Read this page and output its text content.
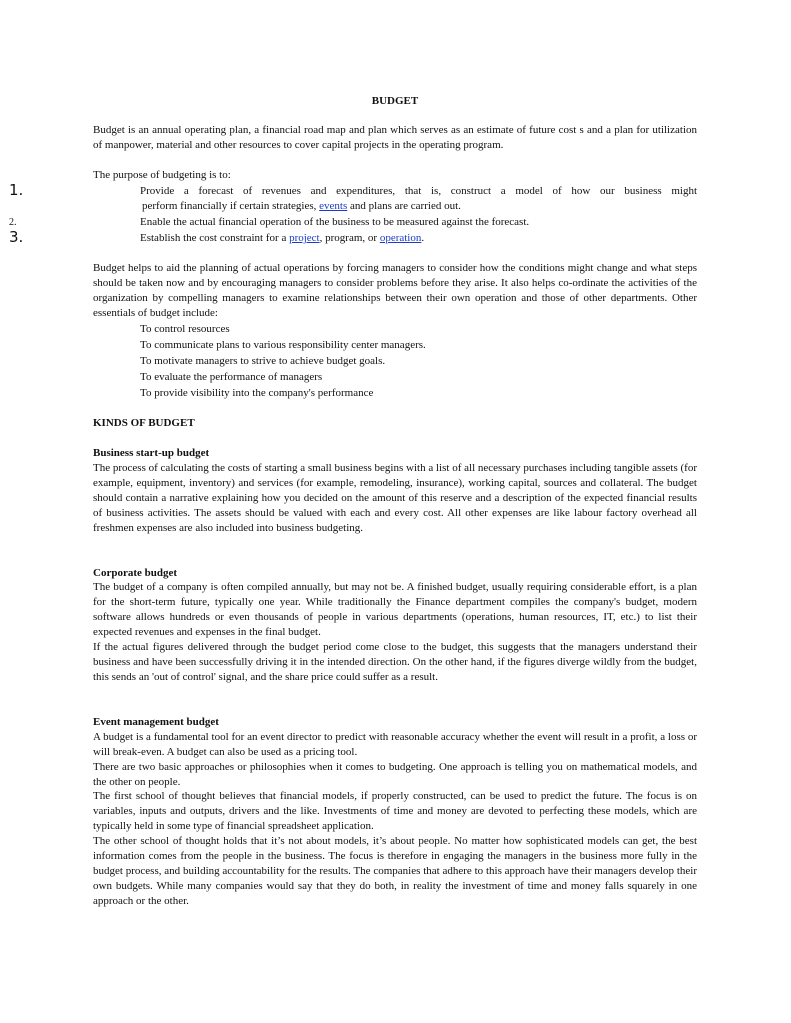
BUDGET

Budget is an annual operating plan, a financial road map and plan which serves as an estimate of future cost s and a plan for utilization of manpower, material and other resources to cover capital projects in the operating program.

The purpose of budgeting is to:
1.	Provide a forecast of revenues and expenditures, that is, construct a model of how our business might
perform financially if certain strategies, events and plans are carried out.
2.	Enable the actual financial operation of the business to be measured against the forecast.
3.	Establish the cost constraint for a project, program, or operation.

Budget helps to aid the planning of actual operations by forcing managers to consider how the conditions might change and what steps should be taken now and by encouraging managers to consider problems before they arise. It also helps co-ordinate the activities of the organization by compelling managers to examine relationships between their own operation and those of other departments. Other essentials of budget include:

To control resources
To communicate plans to various responsibility center managers.
To motivate managers to strive to achieve budget goals.
To evaluate the performance of managers
To provide visibility into the company's performance
KINDS OF BUDGET
Business start-up budget

The process of calculating the costs of starting a small business begins with a list of all necessary purchases including tangible assets (for example, equipment, inventory) and services (for example, remodeling, insurance), working capital, sources and collateral. The budget should contain a narrative explaining how you decided on the amount of this reserve and a description of the expected financial results of business activities. The assets should be valued with each and every cost. All other expenses are like labour factory overhead all freshmen expenses are also included into business budgeting.

Corporate budget

The budget of a company is often compiled annually, but may not be. A finished budget, usually requiring considerable effort, is a plan for the short-term future, typically one year. While traditionally the Finance department compiles the company's budget, modern software allows hundreds or even thousands of people in various departments (operations, human resources, IT, etc.) to list their expected revenues and expenses in the final budget.

If the actual figures delivered through the budget period come close to the budget, this suggests that the managers understand their business and have been successfully driving it in the intended direction. On the other hand, if the figures diverge wildly from the budget, this sends an 'out of control' signal, and the share price could suffer as a result.

Event management budget

A budget is a fundamental tool for an event director to predict with reasonable accuracy whether the event will result in a profit, a loss or will break-even. A budget can also be used as a pricing tool.

There are two basic approaches or philosophies when it comes to budgeting. One approach is telling you on mathematical models, and the other on people.

The first school of thought believes that financial models, if properly constructed, can be used to predict the future. The focus is on variables, inputs and outputs, drivers and the like. Investments of time and money are devoted to perfecting these models, which are typically held in some type of financial spreadsheet application.

The other school of thought holds that it’s not about models, it’s about people. No matter how sophisticated models can get, the best information comes from the people in the business. The focus is therefore in engaging the managers in the business more fully in the budget process, and building accountability for the results. The companies that adhere to this approach have their managers develop their own budgets. While many companies would say that they do both, in reality the investment of time and money falls squarely in one approach or the other.
